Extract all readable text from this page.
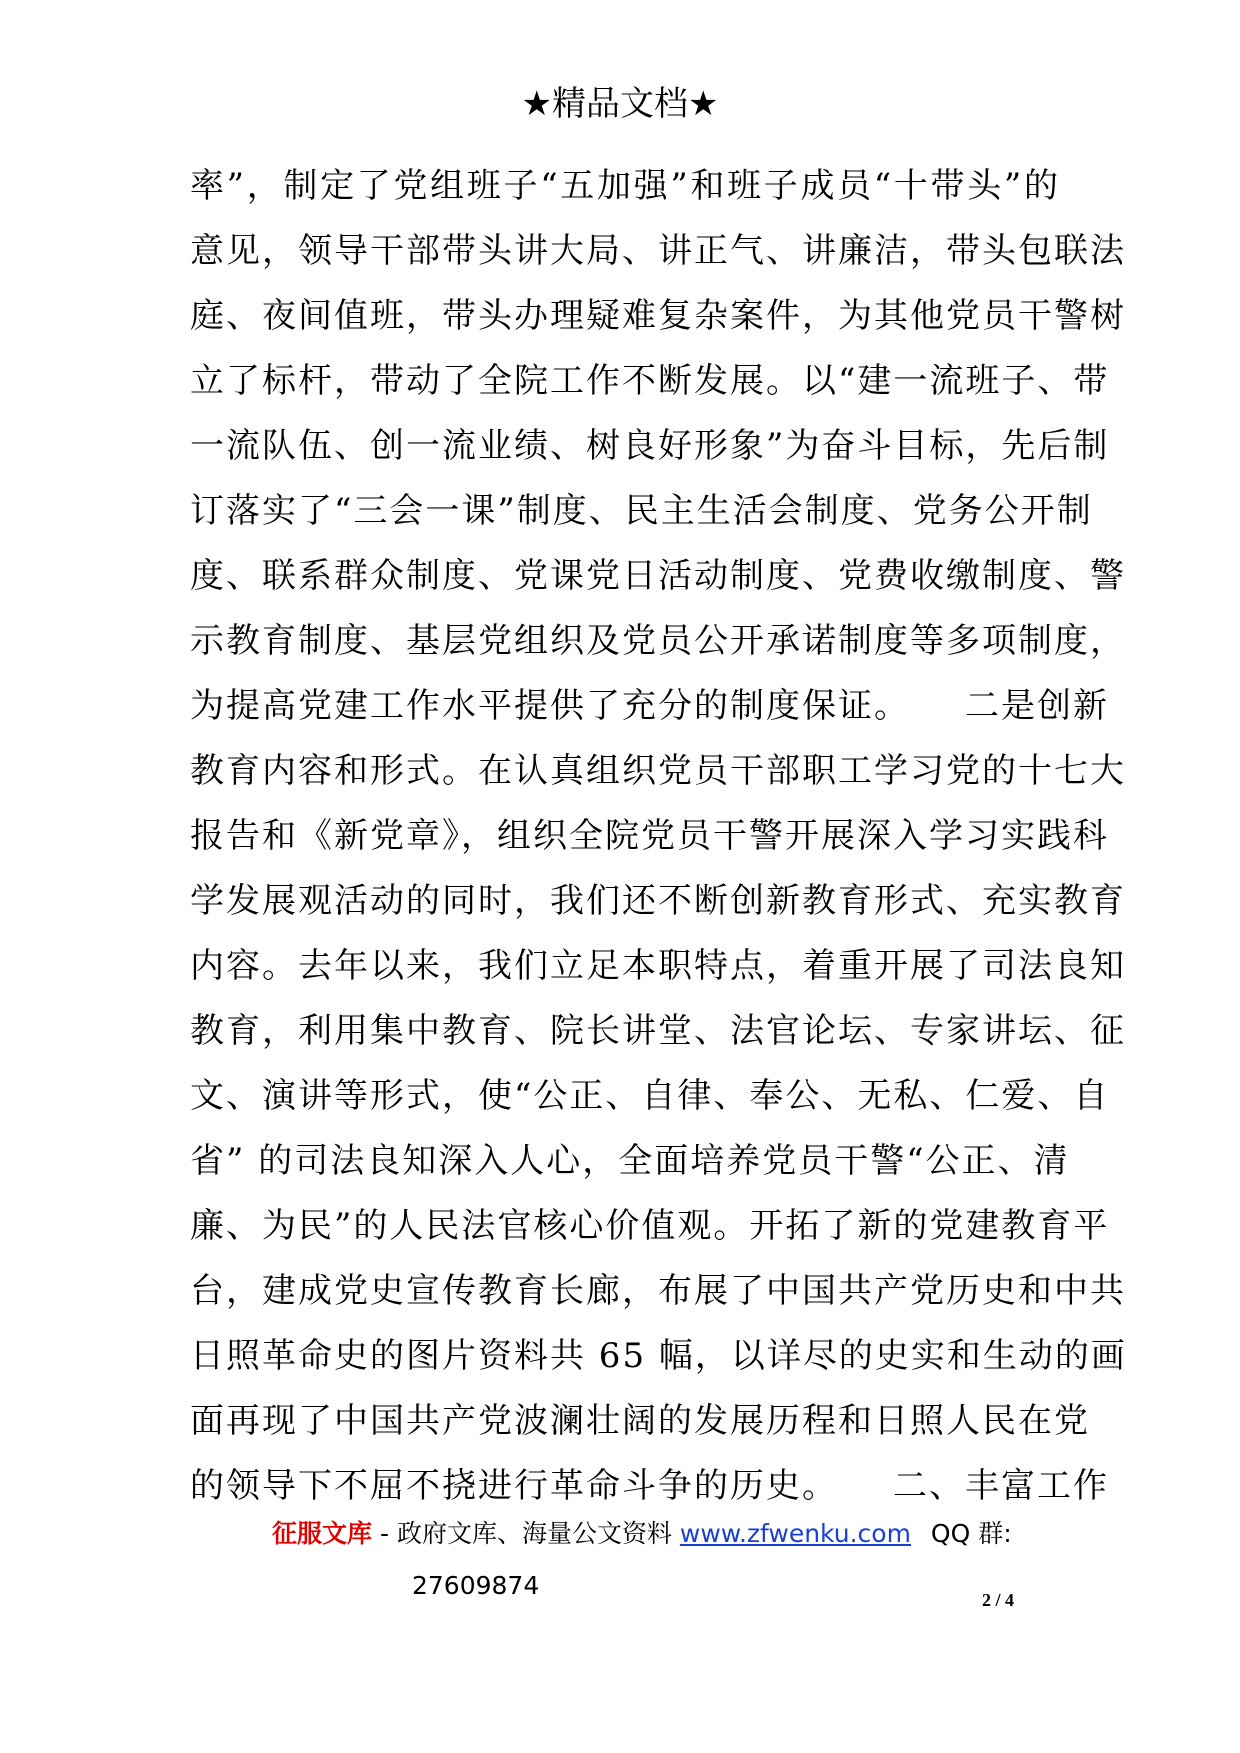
★精品文档★
率”，制定了党组班子“五加强”和班子成员“十带头”的
意见，领导干部带头讲大局、讲正气、讲廉洁，带头包联法
庭、夜间值班，带头办理疑难复杂案件，为其他党员干警树
立了标杆，带动了全院工作不断发展。以“建一流班子、带
一流队伍、创一流业绩、树良好形象”为奋斗目标，先后制
订落实了“三会一课”制度、民主生活会制度、党务公开制
度、联系群众制度、党课党日活动制度、党费收缴制度、警
示教育制度、基层党组织及党员公开承诺制度等多项制度，
为提高党建工作水平提供了充分的制度保证。　　二是创新
教育内容和形式。在认真组织党员干部职工学习党的十七大
报告和《新党章》，组织全院党员干警开展深入学习实践科
学发展观活动的同时，我们还不断创新教育形式、充实教育
内容。去年以来，我们立足本职特点，着重开展了司法良知
教育，利用集中教育、院长讲堂、法官论坛、专家讲坛、征
文、演讲等形式，使“公正、自律、奉公、无私、仁爱、自
省” 的司法良知深入人心，全面培养党员干警“公正、清
廉、为民”的人民法官核心价值观。开拓了新的党建教育平
台，建成党史宣传教育长廊，布展了中国共产党历史和中共
日照革命史的图片资料共 65 幅，以详尽的史实和生动的画
面再现了中国共产党波澜壮阔的发展历程和日照人民在党
的领导下不屈不挠进行革命斗争的历史。　　二、丰富工作
征服文库 - 政府文库、海量公文资料 www.zfwenku.com QQ 群:
27609874	2 / 4
